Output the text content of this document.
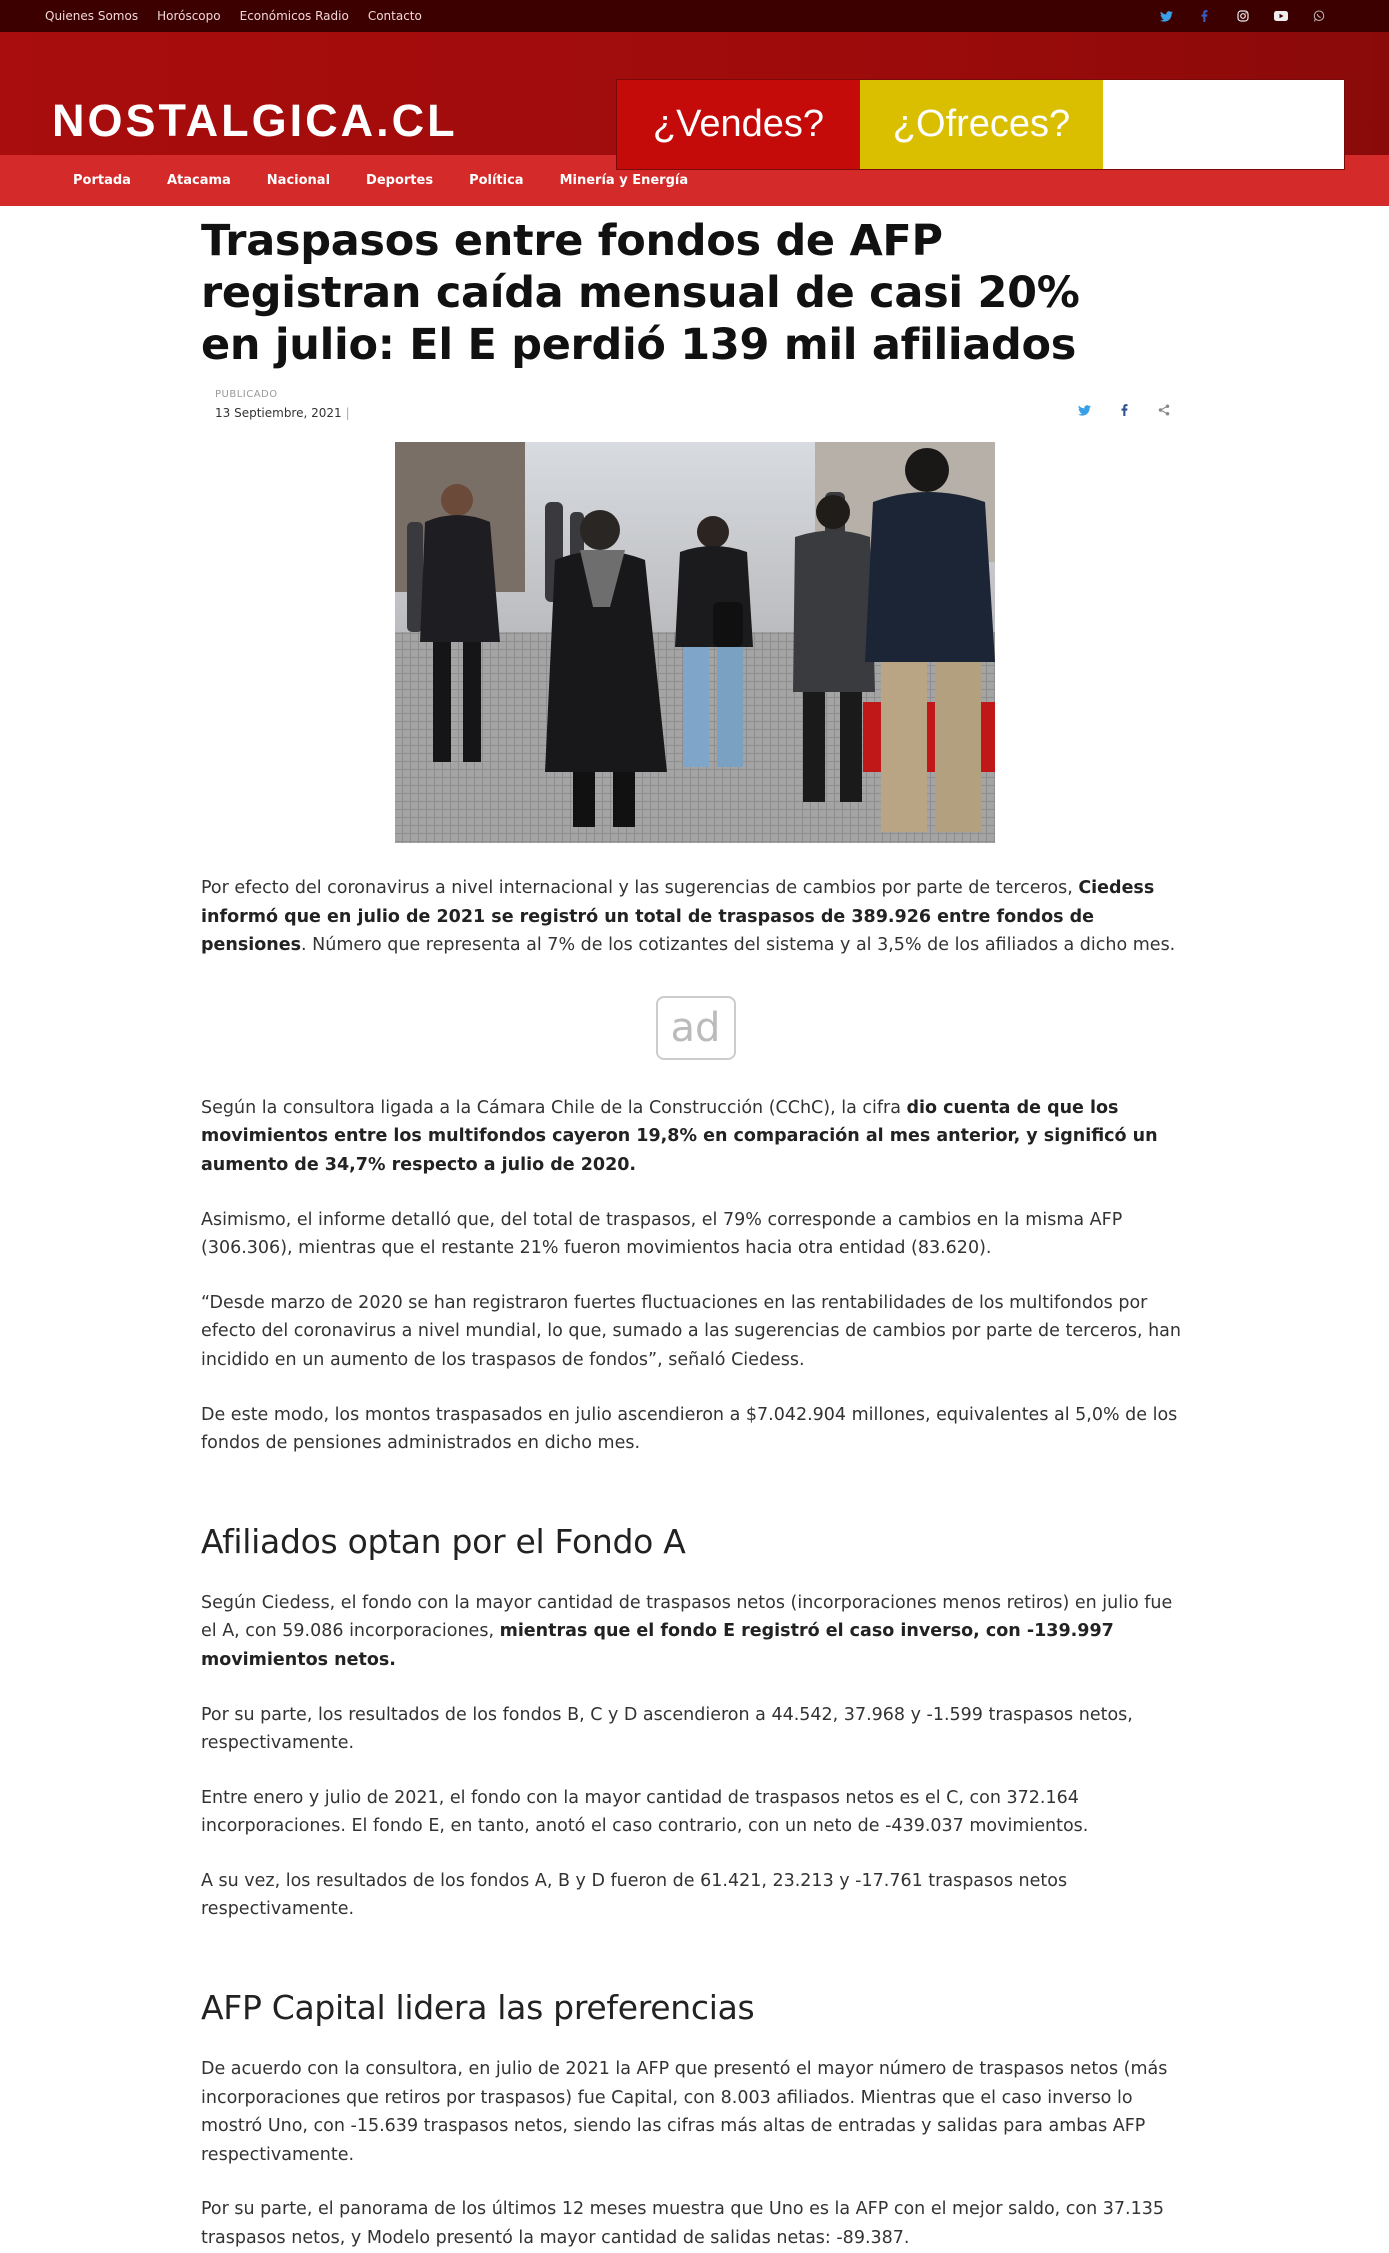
Quienes Somos Horóscopo Económicos Radio Contacto
NOSTALGICA.CL	¿Vendes?	¿Ofreces?
Portada	Atacama	Nacional	Deportes	Política	Minería y Energía
Traspasos entre fondos de AFP registran caída mensual de casi 20% en julio: El E perdió 139 mil afiliados
PUBLICADO
13 Septiembre, 2021 |

Por efecto del coronavirus a nivel internacional y las sugerencias de cambios por parte de terceros, Ciedess informó que en julio de 2021 se registró un total de traspasos de 389.926 entre fondos de pensiones. Número que representa al 7% de los cotizantes del sistema y al 3,5% de los afiliados a dicho mes.

ad

Según la consultora ligada a la Cámara Chile de la Construcción (CChC), la cifra dio cuenta de que los movimientos entre los multifondos cayeron 19,8% en comparación al mes anterior, y significó un aumento de 34,7% respecto a julio de 2020.

Asimismo, el informe detalló que, del total de traspasos, el 79% corresponde a cambios en la misma AFP (306.306), mientras que el restante 21% fueron movimientos hacia otra entidad (83.620).

“Desde marzo de 2020 se han registraron fuertes fluctuaciones en las rentabilidades de los multifondos por efecto del coronavirus a nivel mundial, lo que, sumado a las sugerencias de cambios por parte de terceros, han incidido en un aumento de los traspasos de fondos”, señaló Ciedess.

De este modo, los montos traspasados en julio ascendieron a $7.042.904 millones, equivalentes al 5,0% de los fondos de pensiones administrados en dicho mes.

Afiliados optan por el Fondo A

Según Ciedess, el fondo con la mayor cantidad de traspasos netos (incorporaciones menos retiros) en julio fue el A, con 59.086 incorporaciones, mientras que el fondo E registró el caso inverso, con -139.997 movimientos netos.

Por su parte, los resultados de los fondos B, C y D ascendieron a 44.542, 37.968 y -1.599 traspasos netos, respectivamente.

Entre enero y julio de 2021, el fondo con la mayor cantidad de traspasos netos es el C, con 372.164 incorporaciones. El fondo E, en tanto, anotó el caso contrario, con un neto de -439.037 movimientos.

A su vez, los resultados de los fondos A, B y D fueron de 61.421, 23.213 y -17.761 traspasos netos respectivamente.

AFP Capital lidera las preferencias

De acuerdo con la consultora, en julio de 2021 la AFP que presentó el mayor número de traspasos netos (más incorporaciones que retiros por traspasos) fue Capital, con 8.003 afiliados. Mientras que el caso inverso lo mostró Uno, con -15.639 traspasos netos, siendo las cifras más altas de entradas y salidas para ambas AFP respectivamente.

Por su parte, el panorama de los últimos 12 meses muestra que Uno es la AFP con el mejor saldo, con 37.135 traspasos netos, y Modelo presentó la mayor cantidad de salidas netas: -89.387.
